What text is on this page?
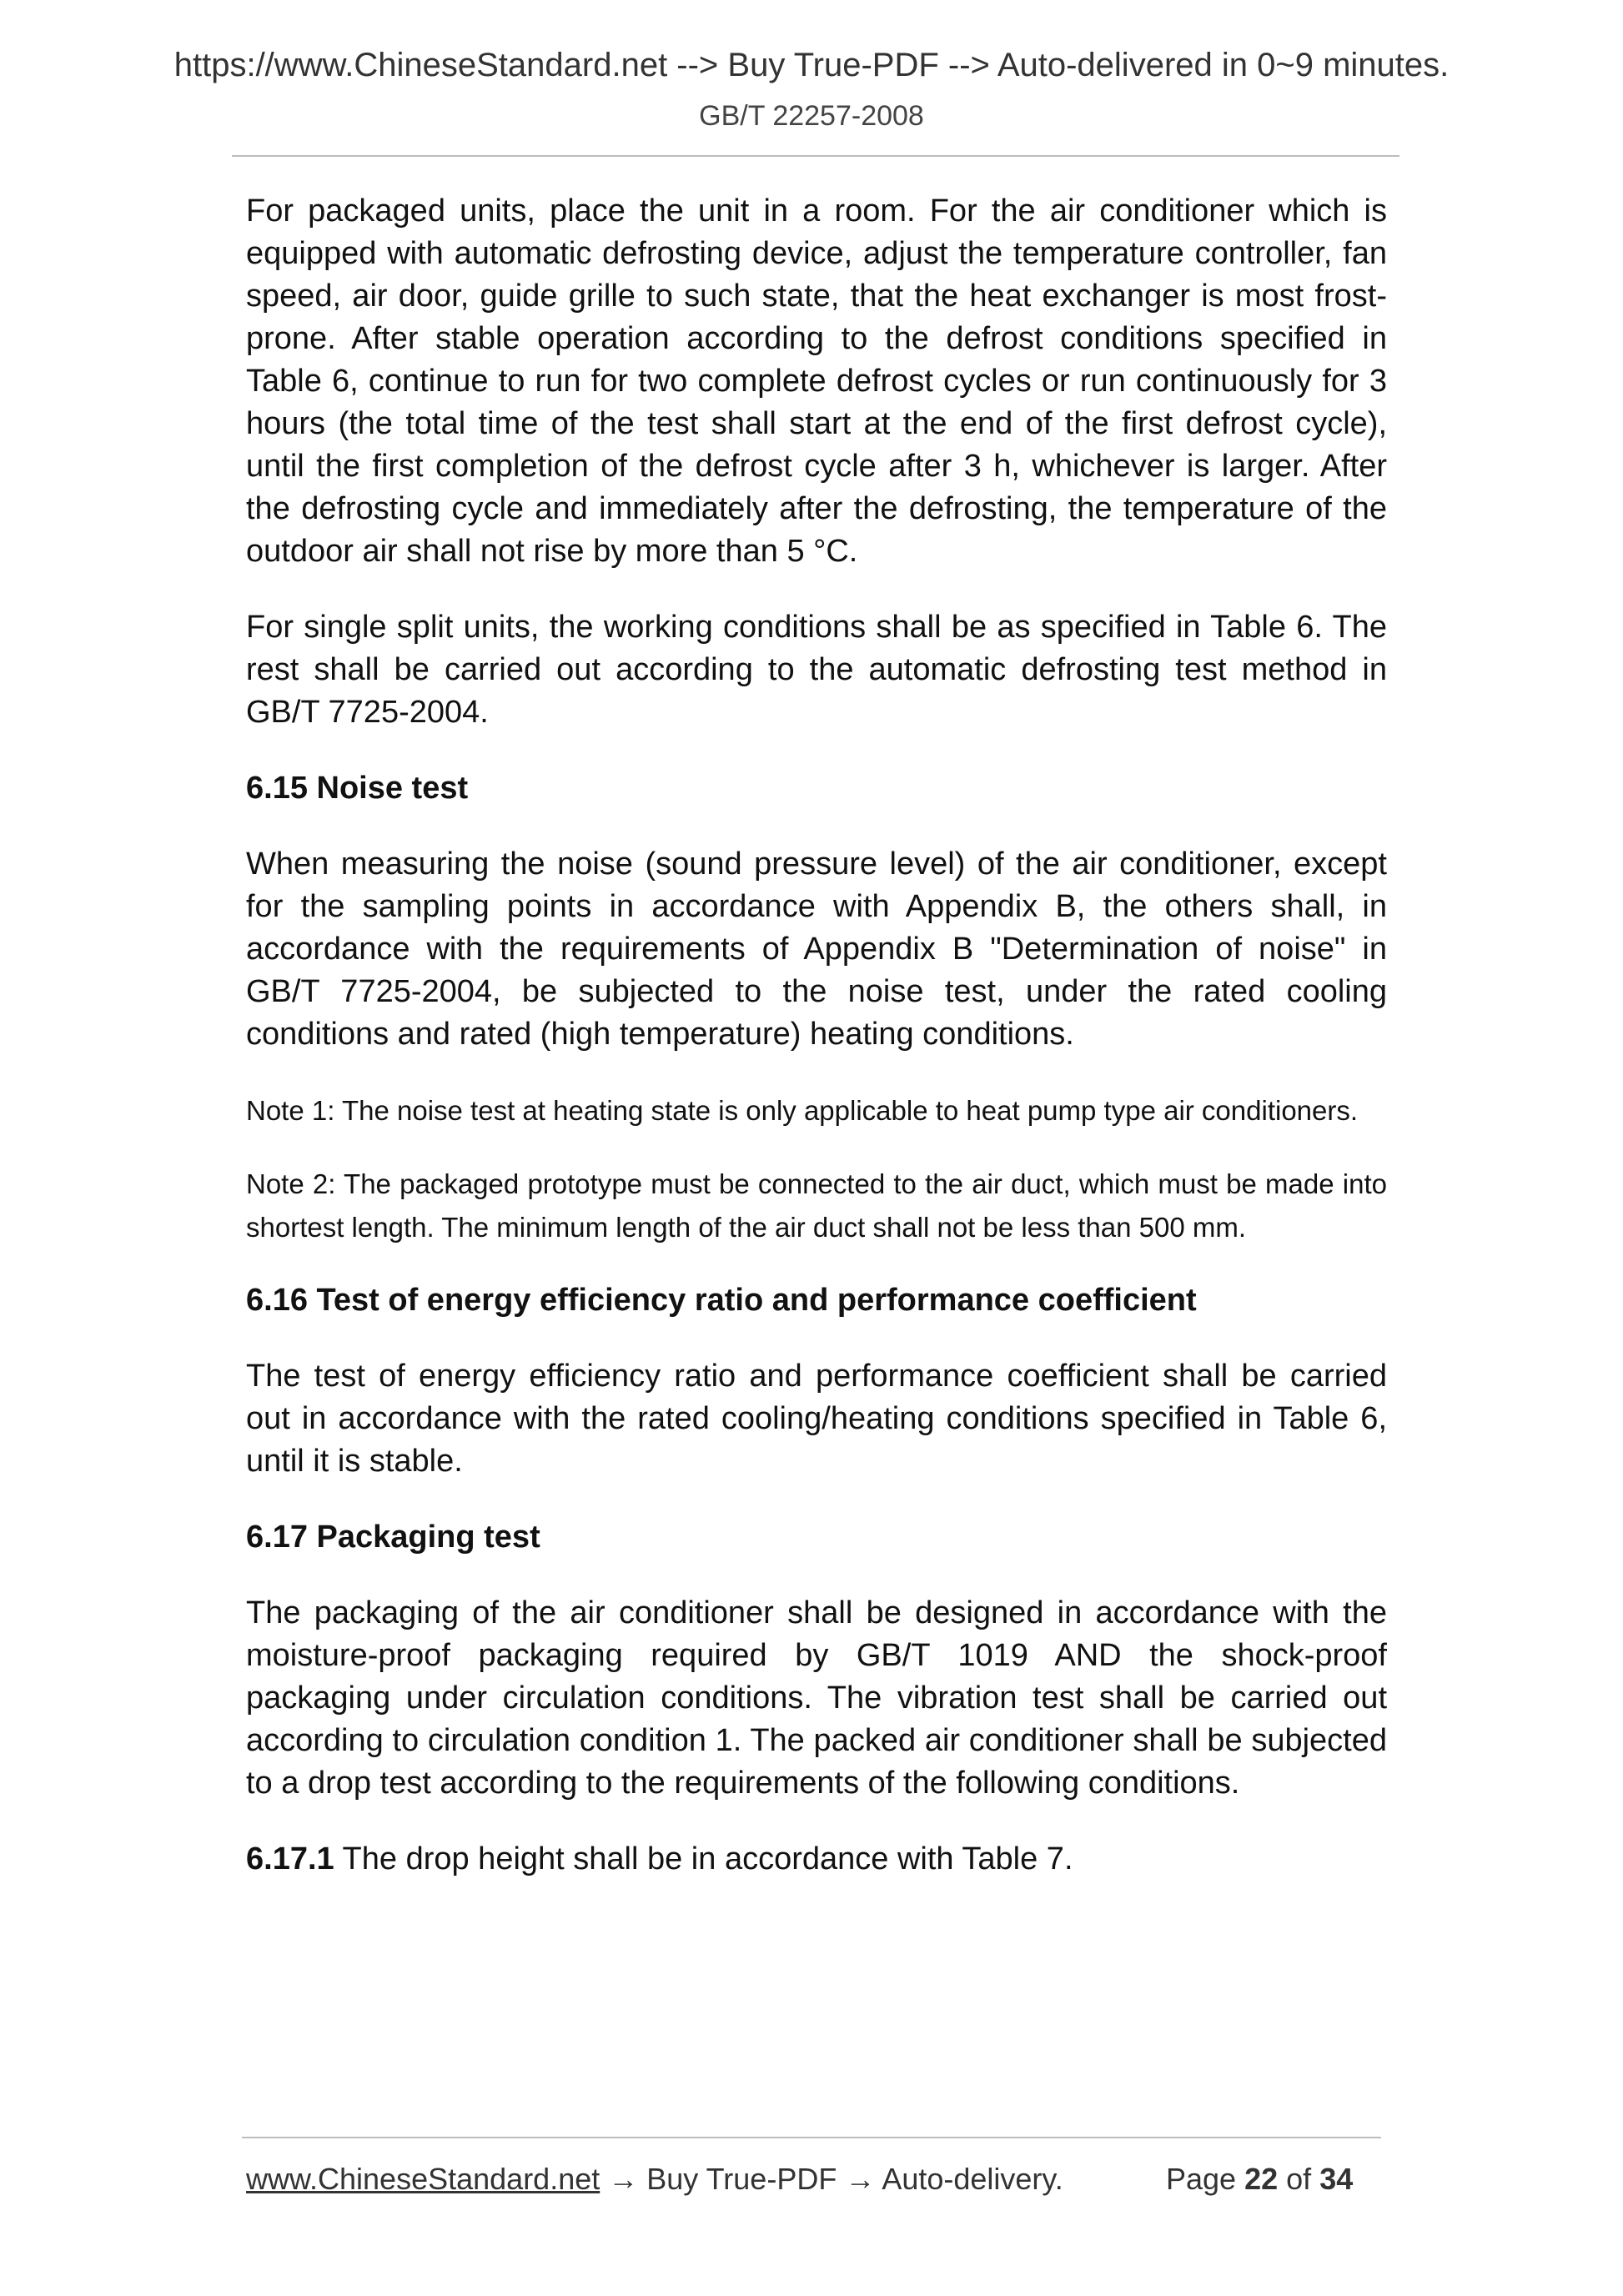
https://www.ChineseStandard.net --> Buy True-PDF --> Auto-delivered in 0~9 minutes.
GB/T 22257-2008

For packaged units, place the unit in a room. For the air conditioner which is equipped with automatic defrosting device, adjust the temperature controller, fan speed, air door, guide grille to such state, that the heat exchanger is most frost-prone. After stable operation according to the defrost conditions specified in Table 6, continue to run for two complete defrost cycles or run continuously for 3 hours (the total time of the test shall start at the end of the first defrost cycle), until the first completion of the defrost cycle after 3 h, whichever is larger. After the defrosting cycle and immediately after the defrosting, the temperature of the outdoor air shall not rise by more than 5 °C.

For single split units, the working conditions shall be as specified in Table 6. The rest shall be carried out according to the automatic defrosting test method in GB/T 7725-2004.

6.15 Noise test

When measuring the noise (sound pressure level) of the air conditioner, except for the sampling points in accordance with Appendix B, the others shall, in accordance with the requirements of Appendix B "Determination of noise" in GB/T 7725-2004, be subjected to the noise test, under the rated cooling conditions and rated (high temperature) heating conditions.

Note 1: The noise test at heating state is only applicable to heat pump type air conditioners.

Note 2: The packaged prototype must be connected to the air duct, which must be made into shortest length. The minimum length of the air duct shall not be less than 500 mm.

6.16 Test of energy efficiency ratio and performance coefficient

The test of energy efficiency ratio and performance coefficient shall be carried out in accordance with the rated cooling/heating conditions specified in Table 6, until it is stable.

6.17 Packaging test

The packaging of the air conditioner shall be designed in accordance with the moisture-proof packaging required by GB/T 1019 AND the shock-proof packaging under circulation conditions. The vibration test shall be carried out according to circulation condition 1. The packed air conditioner shall be subjected to a drop test according to the requirements of the following conditions.

6.17.1 The drop height shall be in accordance with Table 7.

www.ChineseStandard.net → Buy True-PDF → Auto-delivery.	Page 22 of 34
